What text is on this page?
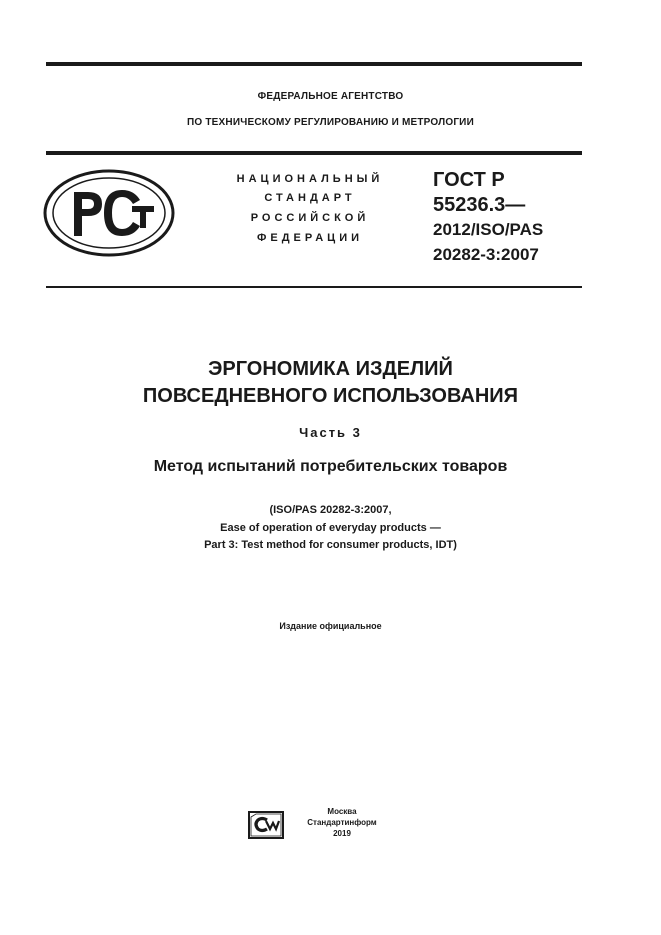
ФЕДЕРАЛЬНОЕ АГЕНТСТВО
ПО ТЕХНИЧЕСКОМУ РЕГУЛИРОВАНИЮ И МЕТРОЛОГИИ
НАЦИОНАЛЬНЫЙ
СТАНДАРТ
РОССИЙСКОЙ
ФЕДЕРАЦИИ
ГОСТ Р
55236.3—
2012/ISO/PAS
20282-3:2007
ЭРГОНОМИКА ИЗДЕЛИЙ
ПОВСЕДНЕВНОГО ИСПОЛЬЗОВАНИЯ
Часть 3
Метод испытаний потребительских товаров
(ISO/PAS 20282-3:2007,
Ease of operation of everyday products —
Part 3: Test method for consumer products, IDT)
Издание официальное
Москва
Стандартинформ
2019
